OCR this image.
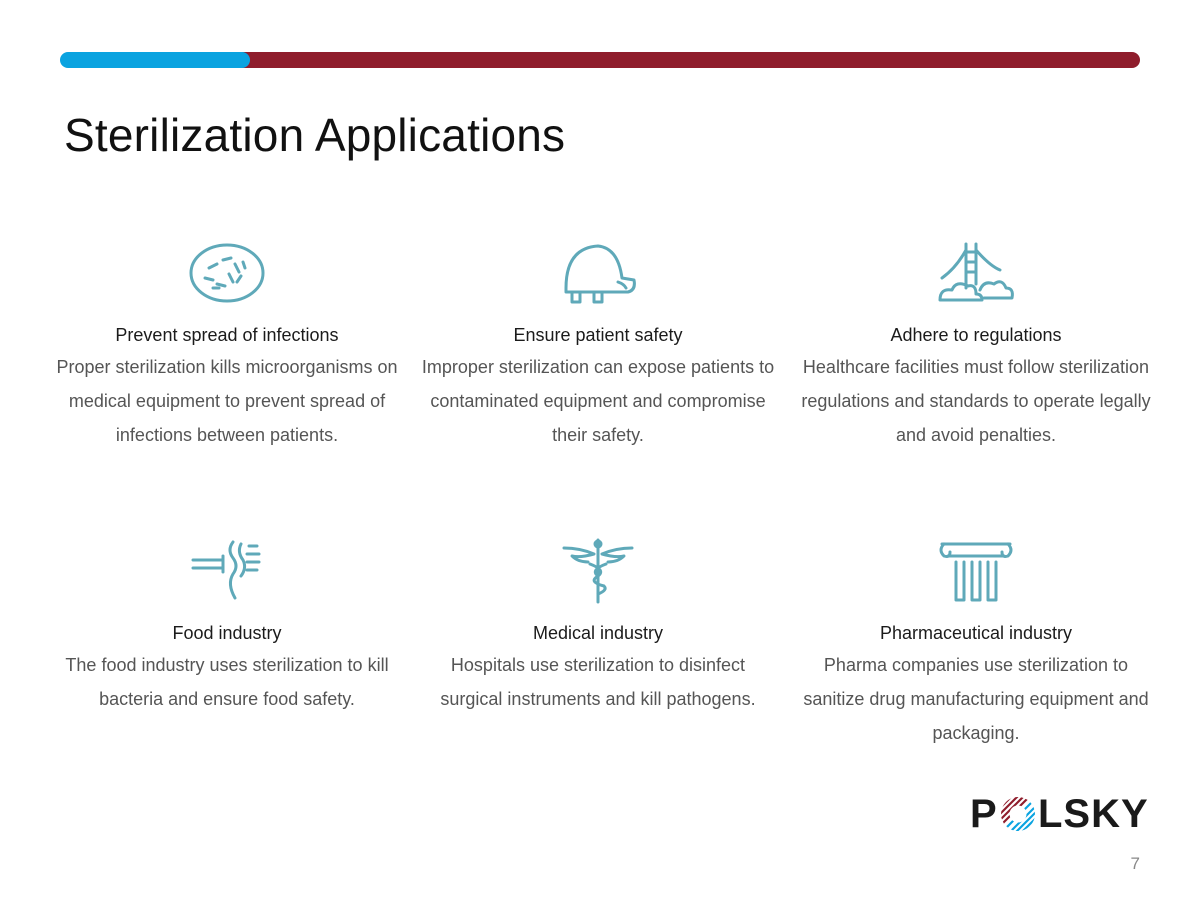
Sterilization Applications
Prevent spread of infections
Proper sterilization kills microorganisms on medical equipment to prevent spread of infections between patients.
Ensure patient safety
Improper sterilization can expose patients to contaminated equipment and compromise their safety.
Adhere to regulations
Healthcare facilities must follow sterilization regulations and standards to operate legally and avoid penalties.
Food industry
The food industry uses sterilization to kill bacteria and ensure food safety.
Medical industry
Hospitals use sterilization to disinfect surgical instruments and kill pathogens.
Pharmaceutical industry
Pharma companies use sterilization to sanitize drug manufacturing equipment and packaging.
P LSKY
7
